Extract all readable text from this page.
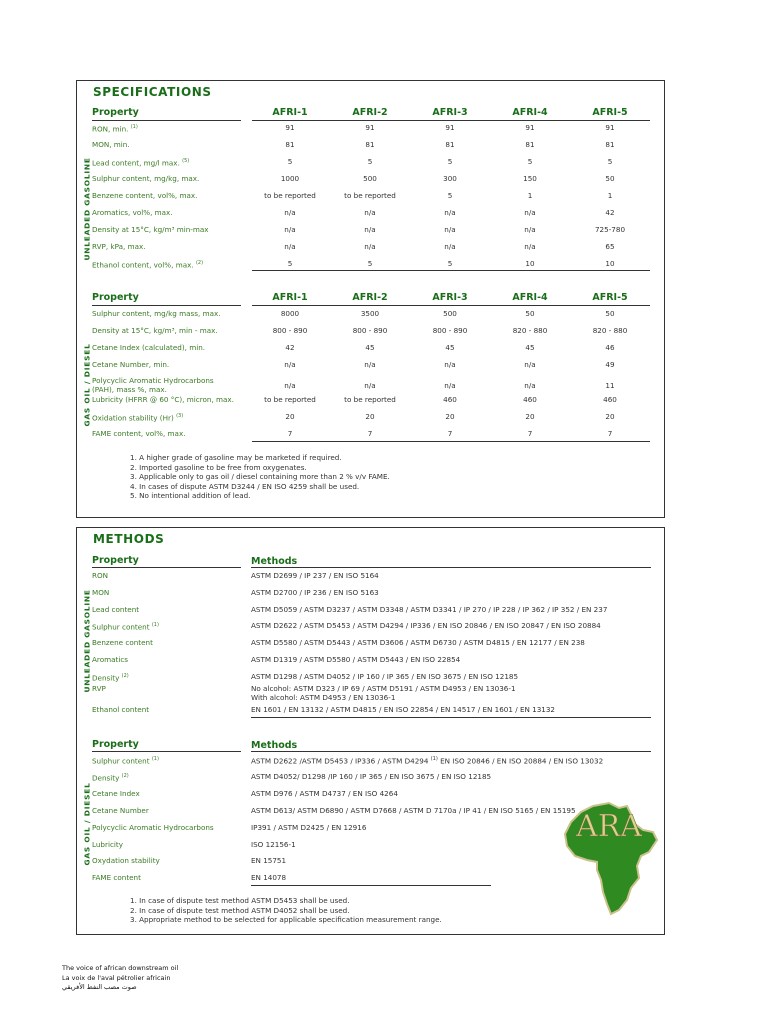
SPECIFICATIONS
Property	AFRI-1	AFRI-2	AFRI-3	AFRI-4	AFRI-5
UNLEADED GASOLINE
RON, min. $^{(1)}$	91	91	91	91	91
MON, min.	81	81	81	81	81
Lead content, mg/l max. $^{(5)}$	5	5	5	5	5
Sulphur content, mg/kg, max.	1000	500	300	150	50
Benzene content, vol%, max.	to be reported	to be reported	5	1	1
Aromatics, vol%, max.	n/a	n/a	n/a	n/a	42
Density at 15°C, kg/m³ min-max	n/a	n/a	n/a	n/a	725-780
RVP, kPa, max.	n/a	n/a	n/a	n/a	65
Ethanol content, vol%, max. $^{(2)}$	5	5	5	10	10
Property	AFRI-1	AFRI-2	AFRI-3	AFRI-4	AFRI-5
GAS OIL / DIESEL
Sulphur content, mg/kg mass, max.	8000	3500	500	50	50
Density at 15°C, kg/m³, min - max.	800 - 890	800 - 890	800 - 890	820 - 880	820 - 880
Cetane Index (calculated), min.	42	45	45	45	46
Cetane Number, min.	n/a	n/a	n/a	n/a	49
Polycyclic Aromatic Hydrocarbons
(PAH), mass %, max.	n/a	n/a	n/a	n/a	11
Lubricity (HFRR @ 60 °C), micron, max.	to be reported	to be reported	460	460	460
Oxidation stability (Hr) $^{(3)}$	20	20	20	20	20
FAME content, vol%, max.	7	7	7	7	7
1. A higher grade of gasoline may be marketed if required.
2. Imported gasoline to be free from oxygenates.
3. Applicable only to gas oil / diesel containing more than 2 % v/v FAME.
4. In cases of dispute ASTM D3244 / EN ISO 4259 shall be used.
5. No intentional addition of lead.
METHODS
Property	Methods
UNLEADED GASOLINE
RON	ASTM D2699 / IP 237 / EN ISO 5164
MON	ASTM D2700 / IP 236 / EN ISO 5163
Lead content	ASTM D5059 / ASTM D3237 / ASTM D3348 / ASTM D3341 / IP 270 / IP 228 / IP 362 / IP 352 / EN 237
Sulphur content $^{(1)}$	ASTM D2622 / ASTM D5453 / ASTM D4294 / IP336 / EN ISO 20846 / EN ISO 20847 / EN ISO 20884
Benzene content	ASTM D5580 / ASTM D5443 / ASTM D3606 / ASTM D6730 / ASTM D4815 / EN 12177 / EN 238
Aromatics	ASTM D1319 / ASTM D5580 / ASTM D5443 / EN ISO 22854
Density $^{(2)}$	ASTM D1298 / ASTM D4052 / IP 160 / IP 365 / EN ISO 3675 / EN ISO 12185
RVP	No alcohol: ASTM D323 / IP 69 / ASTM D5191 / ASTM D4953 / EN 13036-1
With alcohol: ASTM D4953 / EN 13036-1
Ethanol content	EN 1601 / EN 13132 / ASTM D4815 / EN ISO 22854 / EN 14517 / EN 1601 / EN 13132
Property	Methods
GAS OIL / DIESEL
Sulphur content $^{(1)}$	ASTM D2622 /ASTM D5453 / IP336 / ASTM D4294 $^{(1)}$ EN ISO 20846 / EN ISO 20884 / EN ISO 13032
Density $^{(2)}$	ASTM D4052/ D1298 /IP 160 / IP 365 / EN ISO 3675 / EN ISO 12185
Cetane Index	ASTM D976 / ASTM D4737 / EN ISO 4264
Cetane Number	ASTM D613/ ASTM D6890 / ASTM D7668 / ASTM D 7170a / IP 41 / EN ISO 5165 / EN 15195
Polycyclic Aromatic Hydrocarbons	IP391 / ASTM D2425 / EN 12916
Lubricity	ISO 12156-1
Oxydation stability	EN 15751
FAME content	EN 14078
1. In case of dispute test method ASTM D5453 shall be used.
2. In case of dispute test method ASTM D4052 shall be used.
3. Appropriate method to be selected for applicable specification measurement range.
ARA
The voice of african downstream oil
La voix de l'aval pétrolier africain
صوت مصب النفط الأفريقي
